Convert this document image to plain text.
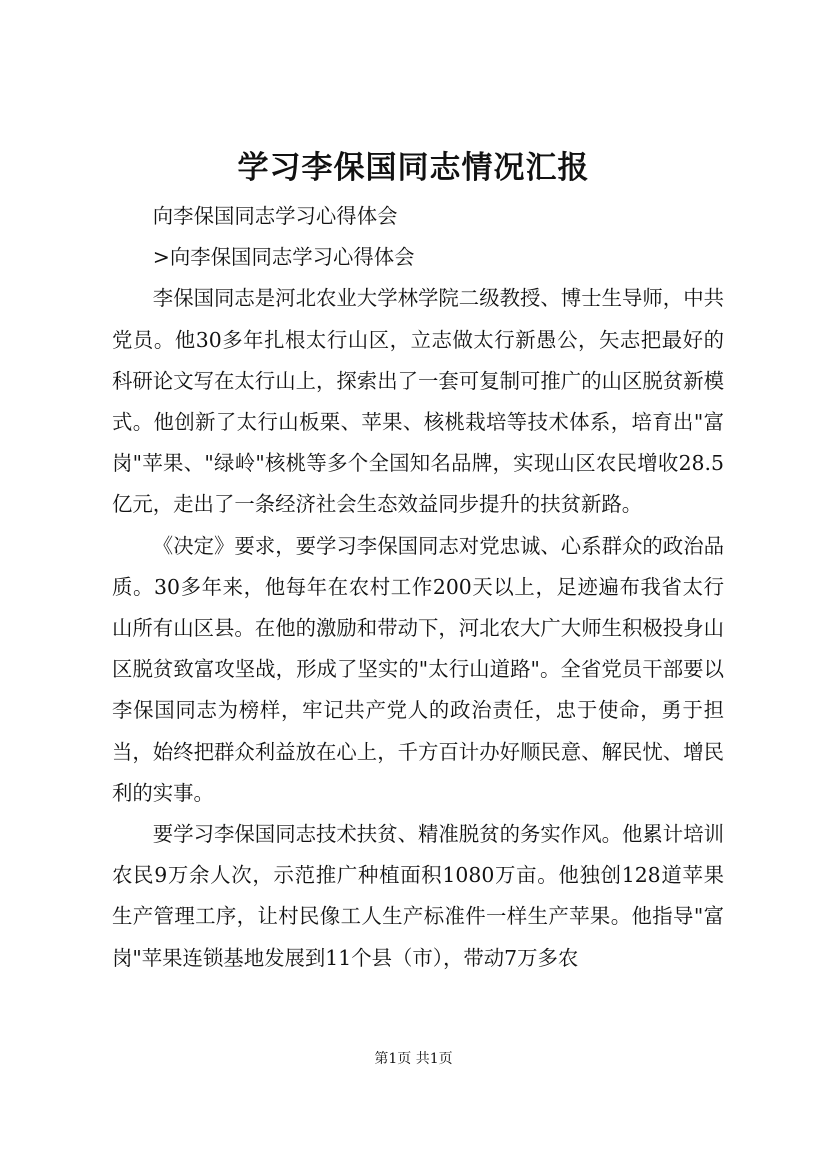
学习李保国同志情况汇报

向李保国同志学习心得体会

>向李保国同志学习心得体会

李保国同志是河北农业大学林学院二级教授、博士生导师，中共党员。他30多年扎根太行山区，立志做太行新愚公，矢志把最好的科研论文写在太行山上，探索出了一套可复制可推广的山区脱贫新模式。他创新了太行山板栗、苹果、核桃栽培等技术体系，培育出"富岗"苹果、"绿岭"核桃等多个全国知名品牌，实现山区农民增收28.5亿元，走出了一条经济社会生态效益同步提升的扶贫新路。

《决定》要求，要学习李保国同志对党忠诚、心系群众的政治品质。30多年来，他每年在农村工作200天以上，足迹遍布我省太行山所有山区县。在他的激励和带动下，河北农大广大师生积极投身山区脱贫致富攻坚战，形成了坚实的"太行山道路"。全省党员干部要以李保国同志为榜样，牢记共产党人的政治责任，忠于使命，勇于担当，始终把群众利益放在心上，千方百计办好顺民意、解民忧、增民利的实事。

要学习李保国同志技术扶贫、精准脱贫的务实作风。他累计培训农民9万余人次，示范推广种植面积1080万亩。他独创128道苹果生产管理工序，让村民像工人生产标准件一样生产苹果。他指导"富岗"苹果连锁基地发展到11个县（市），带动7万多农

第1页 共1页
